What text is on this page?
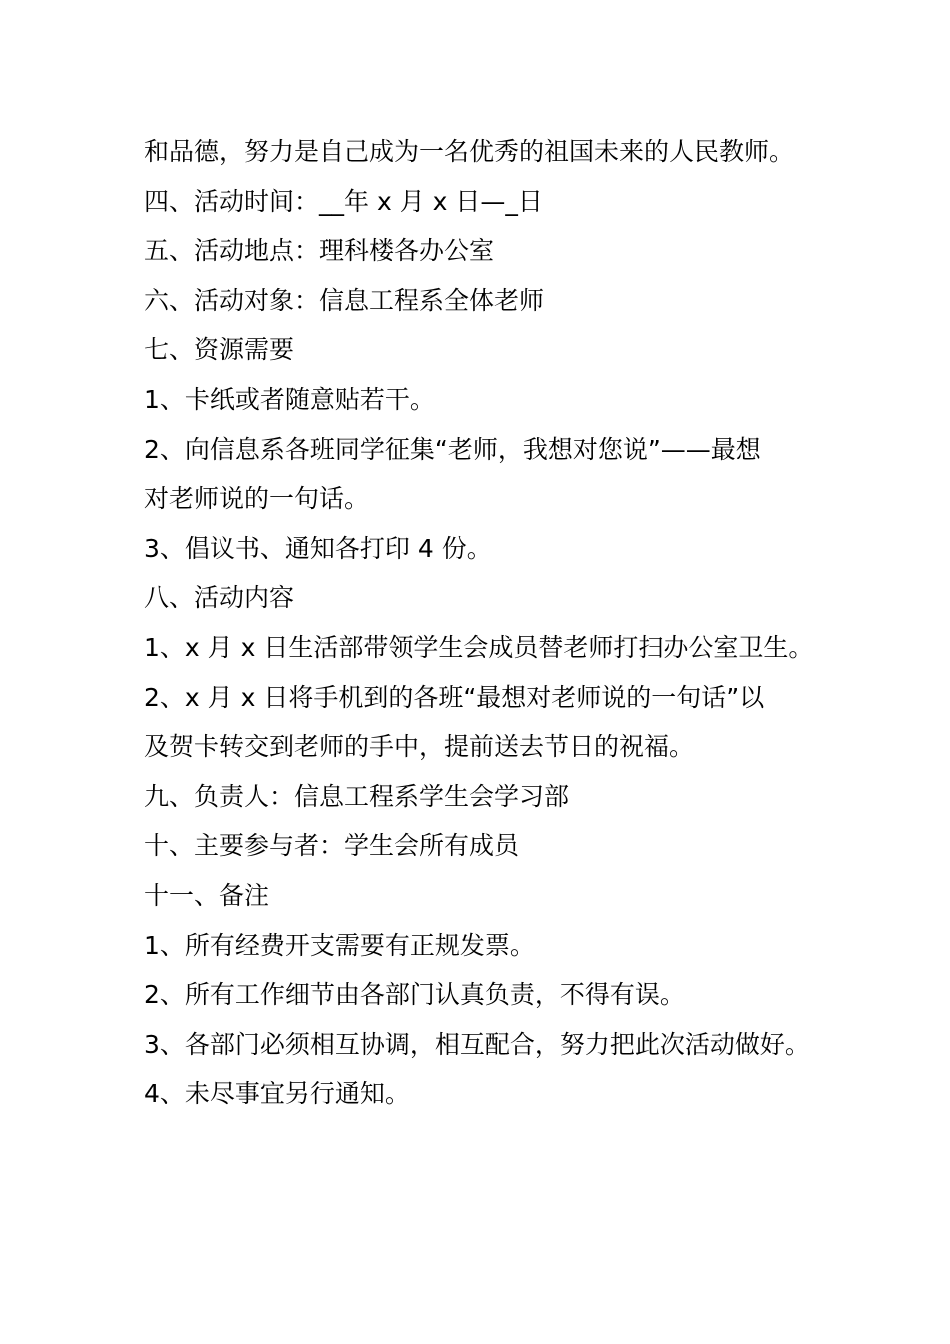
和品德，努力是自己成为一名优秀的祖国未来的人民教师。
四、活动时间：__年 x 月 x 日—_日
五、活动地点：理科楼各办公室
六、活动对象：信息工程系全体老师
七、资源需要
1、卡纸或者随意贴若干。
2、向信息系各班同学征集“老师，我想对您说”——最想
对老师说的一句话。
3、倡议书、通知各打印 4 份。
八、活动内容
1、x 月 x 日生活部带领学生会成员替老师打扫办公室卫生。
2、x 月 x 日将手机到的各班“最想对老师说的一句话”以
及贺卡转交到老师的手中，提前送去节日的祝福。
九、负责人：信息工程系学生会学习部
十、主要参与者：学生会所有成员
十一、备注
1、所有经费开支需要有正规发票。
2、所有工作细节由各部门认真负责，不得有误。
3、各部门必须相互协调，相互配合，努力把此次活动做好。
4、未尽事宜另行通知。
